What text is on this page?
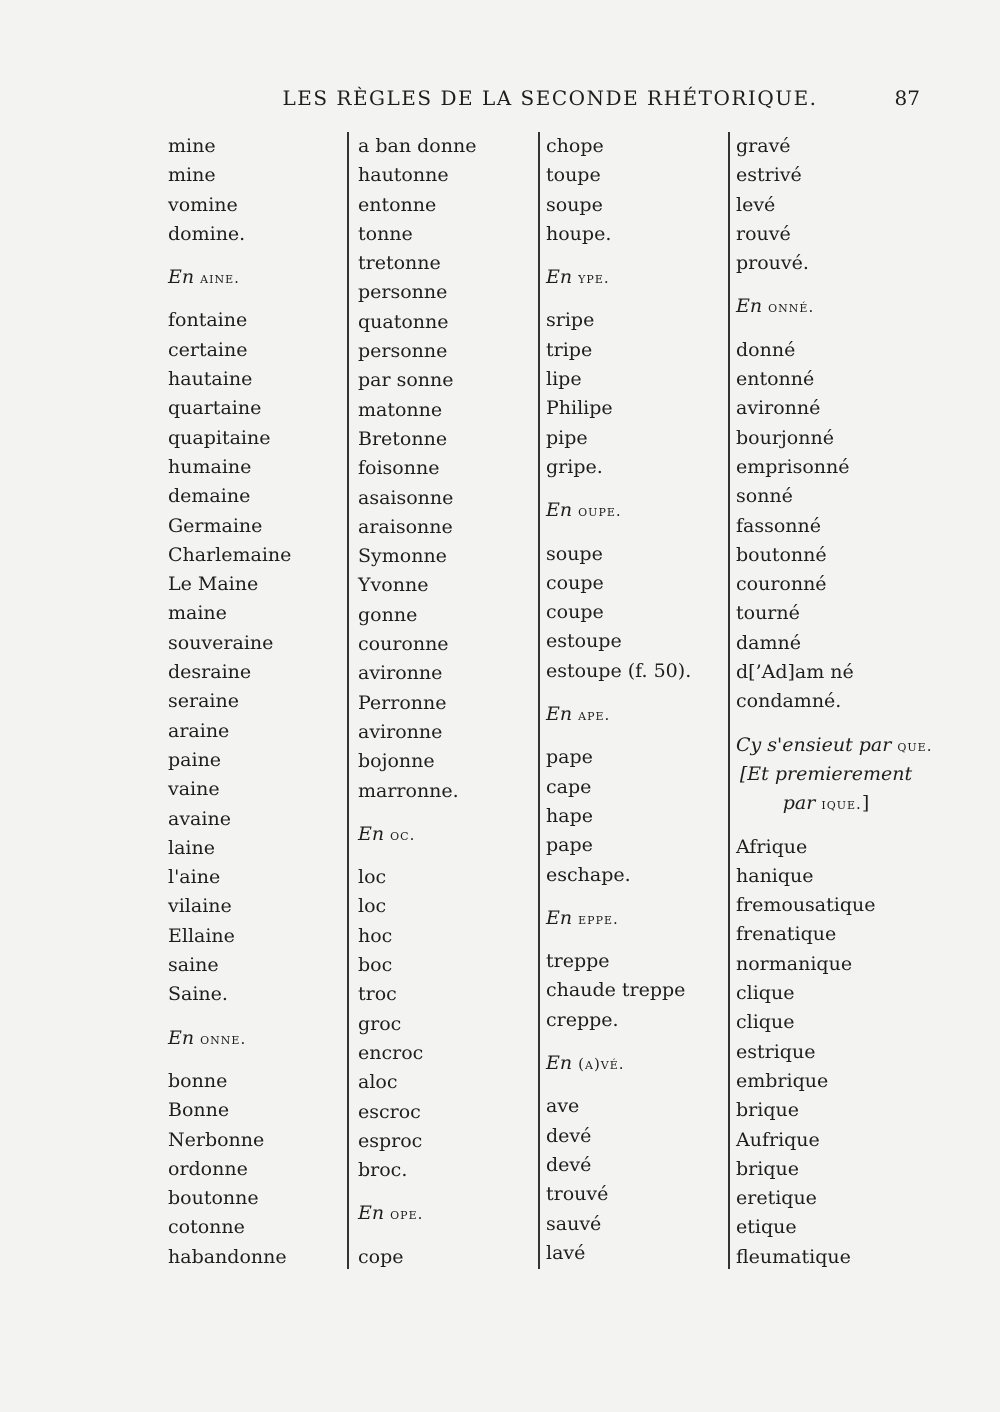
LES RÈGLES DE LA SECONDE RHÉTORIQUE.	87
mine
mine
vomine
domine.
En aine.
fontaine
certaine
hautaine
quartaine
quapitaine
humaine
demaine
Germaine
Charlemaine
Le Maine
maine
souveraine
desraine
seraine
araine
paine
vaine
avaine
laine
l'aine
vilaine
Ellaine
saine
Saine.
En onne.
bonne
Bonne
Nerbonne
ordonne
boutonne
cotonne
habandonne
a ban donne
hautonne
entonne
tonne
tretonne
personne
quatonne
personne
par sonne
matonne
Bretonne
foisonne
asaisonne
araisonne
Symonne
Yvonne
gonne
couronne
avironne
Perronne
avironne
bojonne
marronne.
En oc.
loc
loc
hoc
boc
troc
groc
encroc
aloc
escroc
esproc
broc.
En ope.
cope
chope
toupe
soupe
houpe.
En ype.
sripe
tripe
lipe
Philipe
pipe
gripe.
En oupe.
soupe
coupe
coupe
estoupe
estoupe (f. 50).
En ape.
pape
cape
hape
pape
eschape.
En eppe.
treppe
chaude treppe
creppe.
En (a)vé.
ave
devé
devé
trouvé
sauvé
lavé
gravé
estrivé
levé
rouvé
prouvé.
En onné.
donné
entonné
avironné
bourjonné
emprisonné
sonné
fassonné
boutonné
couronné
tourné
damné
d[’Ad]am né
condamné.
Cy s'ensieut par que.
[Et premierement
par ique.]
Afrique
hanique
fremousatique
frenatique
normanique
clique
clique
estrique
embrique
brique
Aufrique
brique
eretique
etique
fleumatique
